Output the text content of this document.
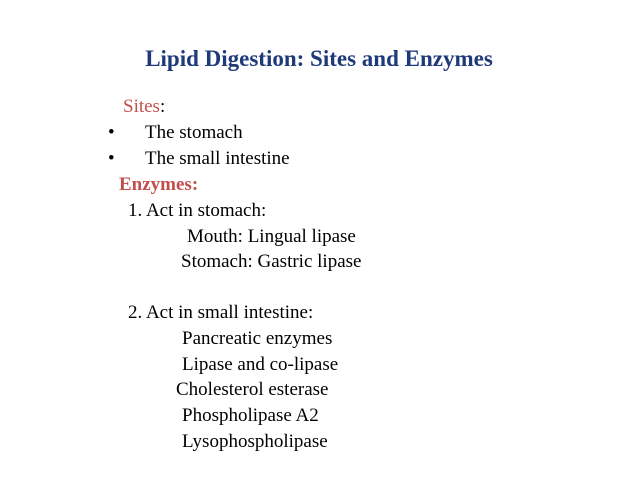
Lipid Digestion: Sites and Enzymes
Sites:
• The stomach
• The small intestine
Enzymes:
1. Act in stomach:
Mouth: Lingual lipase
Stomach: Gastric lipase
2. Act in small intestine:
Pancreatic enzymes
Lipase and co-lipase
Cholesterol esterase
Phospholipase A2
Lysophospholipase
